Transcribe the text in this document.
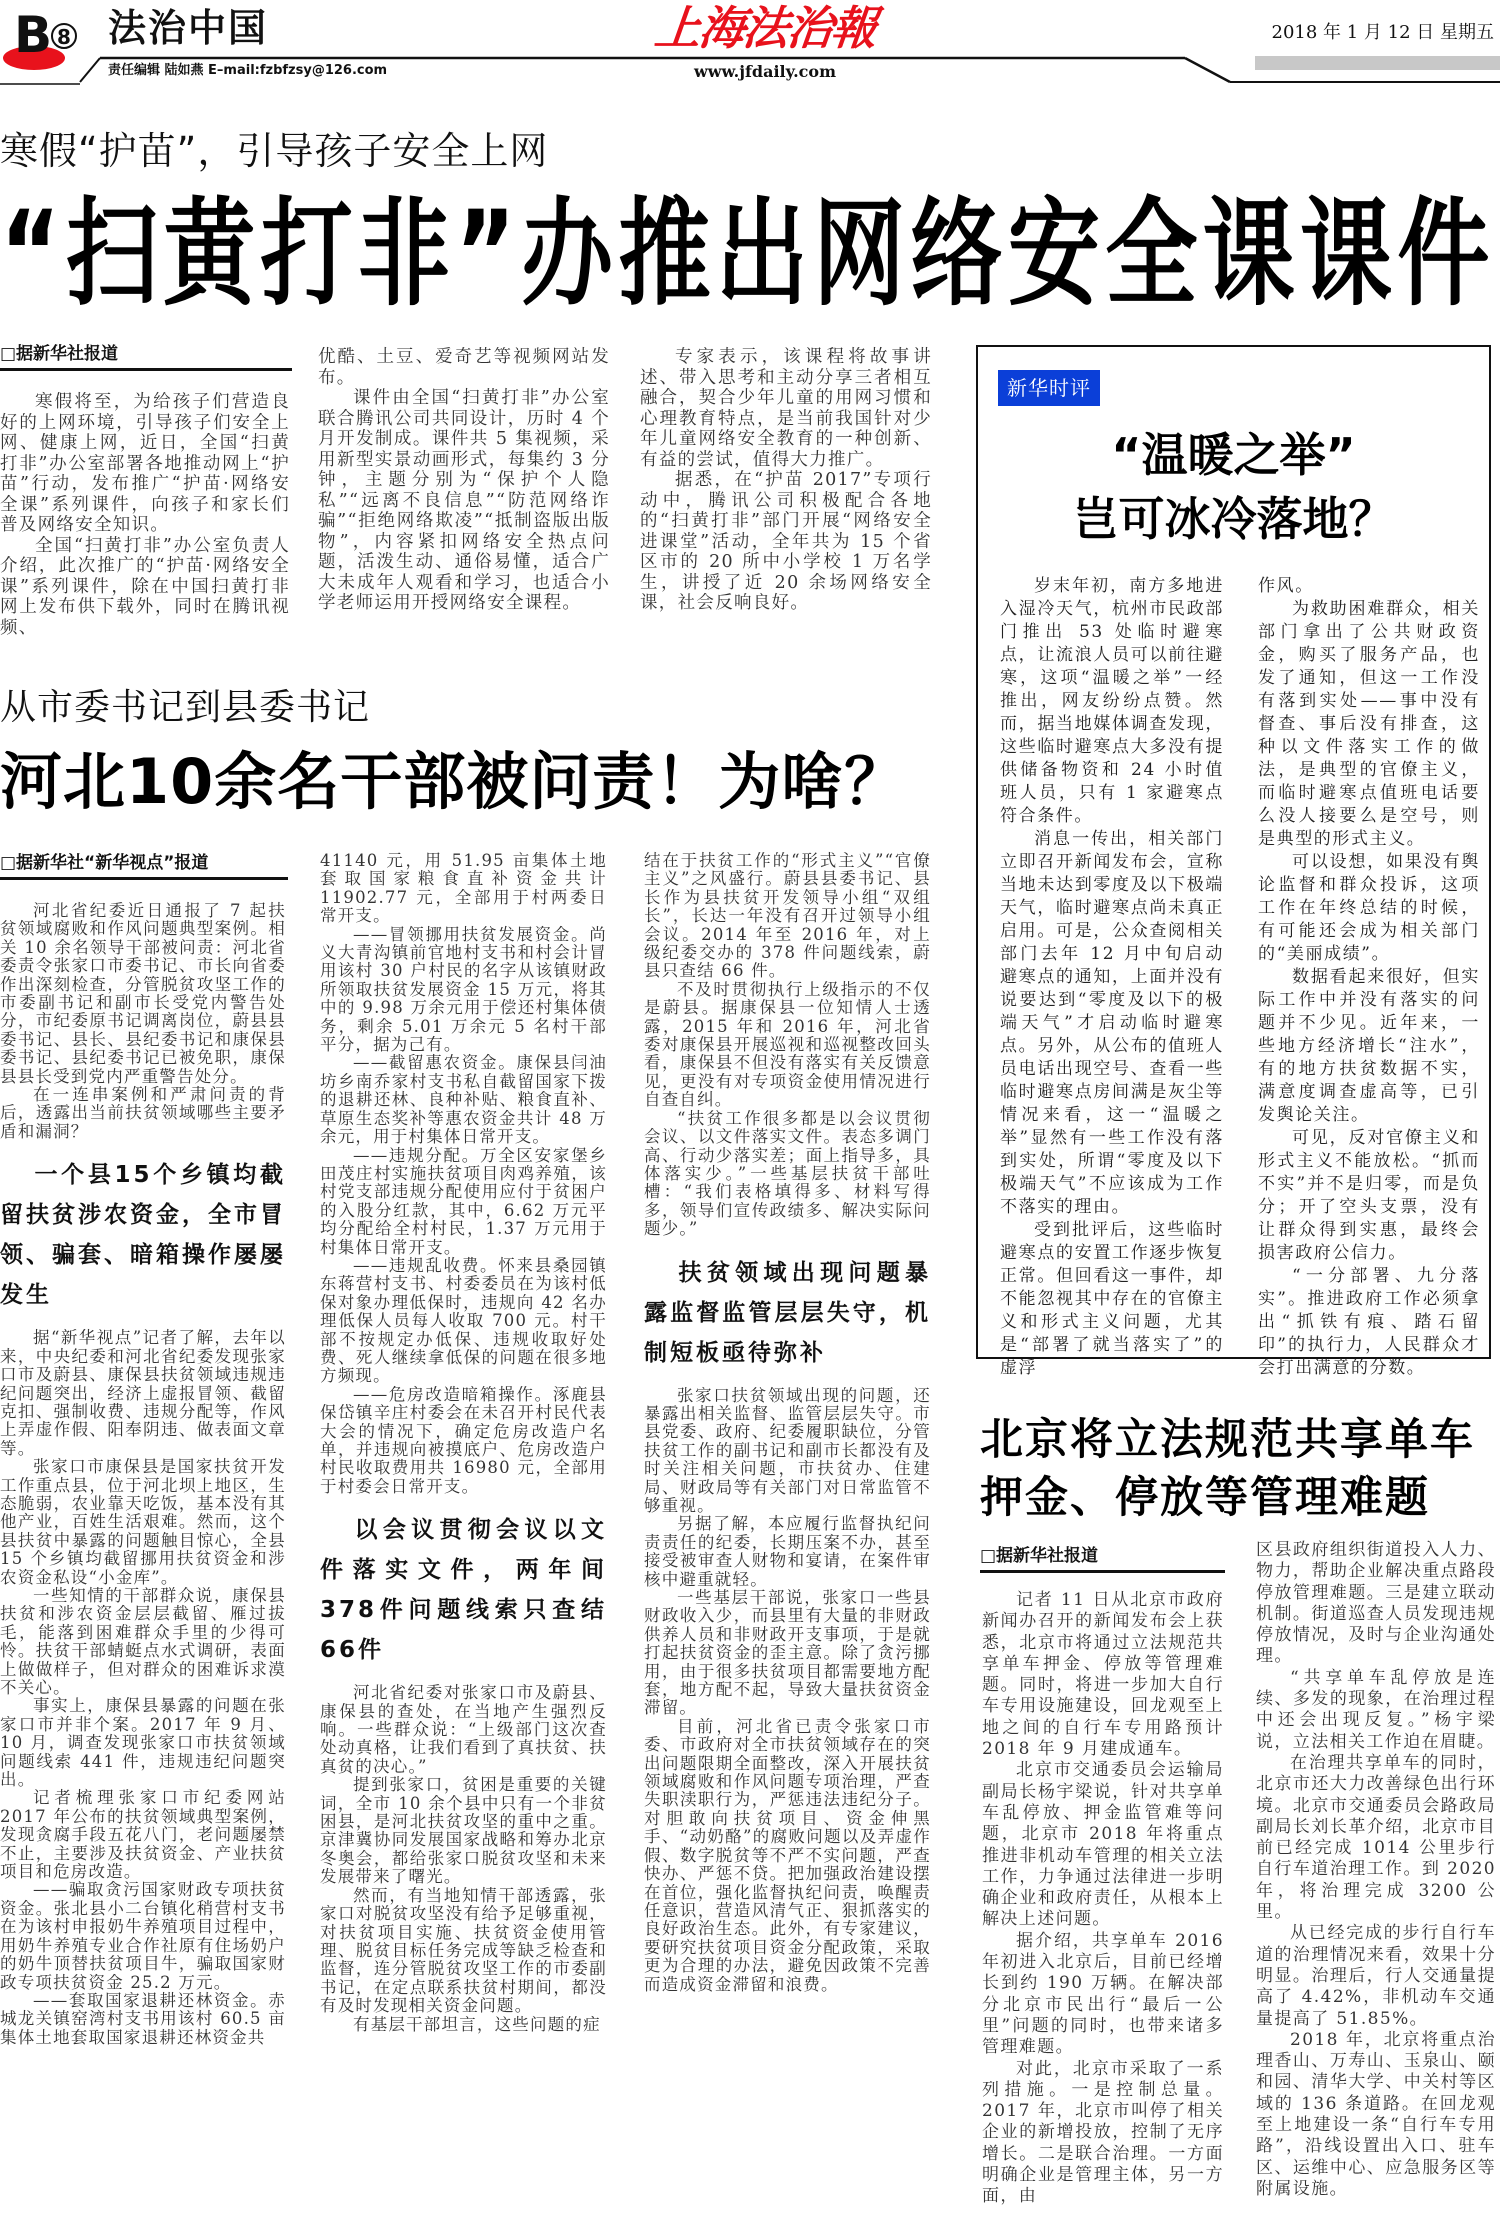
B 8 法治中国	上海法治報	2018 年 1 月 12 日 星期五
责任编辑 陆如燕 E–mail:fzbfzsy@126.com	www.jfdaily.com
寒假“护苗”，引导孩子安全上网
“扫黄打非”办推出网络安全课课件
□据新华社报道

寒假将至，为给孩子们营造良好的上网环境，引导孩子们安全上网、健康上网，近日，全国“扫黄打非”办公室部署各地推动网上“护苗”行动，发布推广“护苗·网络安全课”系列课件，向孩子和家长们普及网络安全知识。

全国“扫黄打非”办公室负责人介绍，此次推广的“护苗·网络安全课”系列课件，除在中国扫黄打非网上发布供下载外，同时在腾讯视频、

优酷、土豆、爱奇艺等视频网站发布。

课件由全国“扫黄打非”办公室联合腾讯公司共同设计，历时 4 个月开发制成。课件共 5 集视频，采用新型实景动画形式，每集约 3 分钟，主题分别为“保护个人隐私”“远离不良信息”“防范网络诈骗”“拒绝网络欺凌”“抵制盗版出版物”，内容紧扣网络安全热点问题，活泼生动、通俗易懂，适合广大未成年人观看和学习，也适合小学老师运用开授网络安全课程。

专家表示，该课程将故事讲述、带入思考和主动分享三者相互融合，契合少年儿童的用网习惯和心理教育特点，是当前我国针对少年儿童网络安全教育的一种创新、有益的尝试，值得大力推广。

据悉，在“护苗 2017”专项行动中，腾讯公司积极配合各地的“扫黄打非”部门开展“网络安全进课堂”活动，全年共为 15 个省区市的 20 所中小学校 1 万名学生，讲授了近 20 余场网络安全课，社会反响良好。

新华时评
“温暖之举”
岂可冰冷落地？

岁末年初，南方多地进入湿冷天气，杭州市民政部门推出 53 处临时避寒点，让流浪人员可以前往避寒，这项“温暖之举”一经推出，网友纷纷点赞。然而，据当地媒体调查发现，这些临时避寒点大多没有提供储备物资和 24 小时值班人员，只有 1 家避寒点符合条件。

消息一传出，相关部门立即召开新闻发布会，宣称当地未达到零度及以下极端天气，临时避寒点尚未真正启用。可是，公众查阅相关部门去年 12 月中旬启动避寒点的通知，上面并没有说要达到“零度及以下的极端天气”才启动临时避寒点。另外，从公布的值班人员电话出现空号、查看一些临时避寒点房间满是灰尘等情况来看，这一“温暖之举”显然有一些工作没有落到实处，所谓“零度及以下极端天气”不应该成为工作不落实的理由。

受到批评后，这些临时避寒点的安置工作逐步恢复正常。但回看这一事件，却不能忽视其中存在的官僚主义和形式主义问题，尤其是“部署了就当落实了”的虚浮

作风。

为救助困难群众，相关部门拿出了公共财政资金，购买了服务产品，也发了通知，但这一工作没有落到实处——事中没有督查、事后没有排查，这种以文件落实工作的做法，是典型的官僚主义，而临时避寒点值班电话要么没人接要么是空号，则是典型的形式主义。

可以设想，如果没有舆论监督和群众投诉，这项工作在年终总结的时候，有可能还会成为相关部门的“美丽成绩”。

数据看起来很好，但实际工作中并没有落实的问题并不少见。近年来，一些地方经济增长“注水”，有的地方扶贫数据不实，满意度调查虚高等，已引发舆论关注。

可见，反对官僚主义和形式主义不能放松。“抓而不实”并不是归零，而是负分；开了空头支票，没有让群众得到实惠，最终会损害政府公信力。

“一分部署、九分落实”。推进政府工作必须拿出“抓铁有痕、踏石留印”的执行力，人民群众才会打出满意的分数。

从市委书记到县委书记
河北10余名干部被问责！为啥？
□据新华社“新华视点”报道

河北省纪委近日通报了 7 起扶贫领域腐败和作风问题典型案例。相关 10 余名领导干部被问责：河北省委责令张家口市委书记、市长向省委作出深刻检查，分管脱贫攻坚工作的市委副书记和副市长受党内警告处分，市纪委原书记调离岗位，蔚县县委书记、县长、县纪委书记和康保县委书记、县纪委书记已被免职，康保县县长受到党内严重警告处分。

在一连串案例和严肃问责的背后，透露出当前扶贫领域哪些主要矛盾和漏洞？

一个县15个乡镇均截留扶贫涉农资金，全市冒领、骗套、暗箱操作屡屡发生

据“新华视点”记者了解，去年以来，中央纪委和河北省纪委发现张家口市及蔚县、康保县扶贫领域违规违纪问题突出，经济上虚报冒领、截留克扣、强制收费、违规分配等，作风上弄虚作假、阳奉阴违、做表面文章等。

张家口市康保县是国家扶贫开发工作重点县，位于河北坝上地区，生态脆弱，农业靠天吃饭，基本没有其他产业，百姓生活艰难。然而，这个县扶贫中暴露的问题触目惊心，全县 15 个乡镇均截留挪用扶贫资金和涉农资金私设“小金库”。

一些知情的干部群众说，康保县扶贫和涉农资金层层截留、雁过拔毛，能落到困难群众手里的少得可怜。扶贫干部蜻蜓点水式调研，表面上做做样子，但对群众的困难诉求漠不关心。

事实上，康保县暴露的问题在张家口市并非个案。2017 年 9 月、10 月，调查发现张家口市扶贫领域问题线索 441 件，违规违纪问题突出。

记者梳理张家口市纪委网站 2017 年公布的扶贫领域典型案例，发现贪腐手段五花八门，老问题屡禁不止，主要涉及扶贫资金、产业扶贫项目和危房改造。

——骗取贪污国家财政专项扶贫资金。张北县小二台镇化稍营村支书在为该村申报奶牛养殖项目过程中，用奶牛养殖专业合作社原有住场奶户的奶牛顶替扶贫项目牛，骗取国家财政专项扶贫资金 25.2 万元。

——套取国家退耕还林资金。赤城龙关镇窑湾村支书用该村 60.5 亩集体土地套取国家退耕还林资金共

41140 元，用 51.95 亩集体土地套取国家粮食直补资金共计 11902.77 元，全部用于村两委日常开支。

——冒领挪用扶贫发展资金。尚义大青沟镇前官地村支书和村会计冒用该村 30 户村民的名字从该镇财政所领取扶贫发展资金 15 万元，将其中的 9.98 万余元用于偿还村集体债务，剩余 5.01 万余元 5 名村干部平分，据为己有。

——截留惠农资金。康保县闫油坊乡南乔家村支书私自截留国家下拨的退耕还林、良种补贴、粮食直补、草原生态奖补等惠农资金共计 48 万余元，用于村集体日常开支。

——违规分配。万全区安家堡乡田茂庄村实施扶贫项目肉鸡养殖，该村党支部违规分配使用应付于贫困户的入股分红款，其中，6.62 万元平均分配给全村村民，1.37 万元用于村集体日常开支。

——违规乱收费。怀来县桑园镇东蒋营村支书、村委委员在为该村低保对象办理低保时，违规向 42 名办理低保人员每人收取 700 元。村干部不按规定办低保、违规收取好处费、死人继续拿低保的问题在很多地方频现。

——危房改造暗箱操作。涿鹿县保岱镇辛庄村委会在未召开村民代表大会的情况下，确定危房改造户名单，并违规向被摸底户、危房改造户村民收取费用共 16980 元，全部用于村委会日常开支。

以会议贯彻会议以文件落实文件，两年间378件问题线索只查结66件

河北省纪委对张家口市及蔚县、康保县的查处，在当地产生强烈反响。一些群众说：“上级部门这次查处动真格，让我们看到了真扶贫、扶真贫的决心。”

提到张家口，贫困是重要的关键词，全市 10 余个县中只有一个非贫困县，是河北扶贫攻坚的重中之重。京津冀协同发展国家战略和筹办北京冬奥会，都给张家口脱贫攻坚和未来发展带来了曙光。

然而，有当地知情干部透露，张家口对脱贫攻坚没有给予足够重视，对扶贫项目实施、扶贫资金使用管理、脱贫目标任务完成等缺乏检查和监督，连分管脱贫攻坚工作的市委副书记，在定点联系扶贫村期间，都没有及时发现相关资金问题。

有基层干部坦言，这些问题的症

结在于扶贫工作的“形式主义”“官僚主义”之风盛行。蔚县县委书记、县长作为县扶贫开发领导小组“双组长”，长达一年没有召开过领导小组会议。2014 年至 2016 年，对上级纪委交办的 378 件问题线索，蔚县只查结 66 件。

不及时贯彻执行上级指示的不仅是蔚县。据康保县一位知情人士透露，2015 年和 2016 年，河北省委对康保县开展巡视和巡视整改回头看，康保县不但没有落实有关反馈意见，更没有对专项资金使用情况进行自查自纠。

“扶贫工作很多都是以会议贯彻会议、以文件落实文件。表态多调门高、行动少落实差；面上指导多，具体落实少。”一些基层扶贫干部吐槽：“我们表格填得多、材料写得多，领导们宣传政绩多、解决实际问题少。”

扶贫领域出现问题暴露监督监管层层失守，机制短板亟待弥补

张家口扶贫领域出现的问题，还暴露出相关监督、监管层层失守。市县党委、政府、纪委履职缺位，分管扶贫工作的副书记和副市长都没有及时关注相关问题，市扶贫办、住建局、财政局等有关部门对日常监管不够重视。

另据了解，本应履行监督执纪问责责任的纪委，长期压案不办，甚至接受被审查人财物和宴请，在案件审核中避重就轻。

一些基层干部说，张家口一些县财政收入少，而县里有大量的非财政供养人员和非财政开支事项，于是就打起扶贫资金的歪主意。除了贪污挪用，由于很多扶贫项目都需要地方配套，地方配不起，导致大量扶贫资金滞留。

目前，河北省已责令张家口市委、市政府对全市扶贫领域存在的突出问题限期全面整改，深入开展扶贫领域腐败和作风问题专项治理，严查失职渎职行为，严惩违法违纪分子。对胆敢向扶贫项目、资金伸黑手、“动奶酪”的腐败问题以及弄虚作假、数字脱贫等不严不实问题，严查快办、严惩不贷。把加强政治建设摆在首位，强化监督执纪问责，唤醒责任意识，营造风清气正、狠抓落实的良好政治生态。此外，有专家建议，要研究扶贫项目资金分配政策，采取更为合理的办法，避免因政策不完善而造成资金滞留和浪费。

北京将立法规范共享单车
押金、停放等管理难题
□据新华社报道

记者 11 日从北京市政府新闻办召开的新闻发布会上获悉，北京市将通过立法规范共享单车押金、停放等管理难题。同时，将进一步加大自行车专用设施建设，回龙观至上地之间的自行车专用路预计 2018 年 9 月建成通车。

北京市交通委员会运输局副局长杨宇梁说，针对共享单车乱停放、押金监管难等问题，北京市 2018 年将重点推进非机动车管理的相关立法工作，力争通过法律进一步明确企业和政府责任，从根本上解决上述问题。

据介绍，共享单车 2016 年初进入北京后，目前已经增长到约 190 万辆。在解决部分北京市民出行“最后一公里”问题的同时，也带来诸多管理难题。

对此，北京市采取了一系列措施。一是控制总量。2017 年，北京市叫停了相关企业的新增投放，控制了无序增长。二是联合治理。一方面明确企业是管理主体，另一方面，由

区县政府组织街道投入人力、物力，帮助企业解决重点路段停放管理难题。三是建立联动机制。街道巡查人员发现违规停放情况，及时与企业沟通处理。

“共享单车乱停放是连续、多发的现象，在治理过程中还会出现反复。”杨宇梁说，立法相关工作迫在眉睫。

在治理共享单车的同时，北京市还大力改善绿色出行环境。北京市交通委员会路政局副局长刘长革介绍，北京市目前已经完成 1014 公里步行自行车道治理工作。到 2020 年，将治理完成 3200 公里。

从已经完成的步行自行车道的治理情况来看，效果十分明显。治理后，行人交通量提高了 4.42%，非机动车交通量提高了 51.85%。

2018 年，北京将重点治理香山、万寿山、玉泉山、颐和园、清华大学、中关村等区域的 136 条道路。在回龙观至上地建设一条“自行车专用路”，沿线设置出入口、驻车区、运维中心、应急服务区等附属设施。
